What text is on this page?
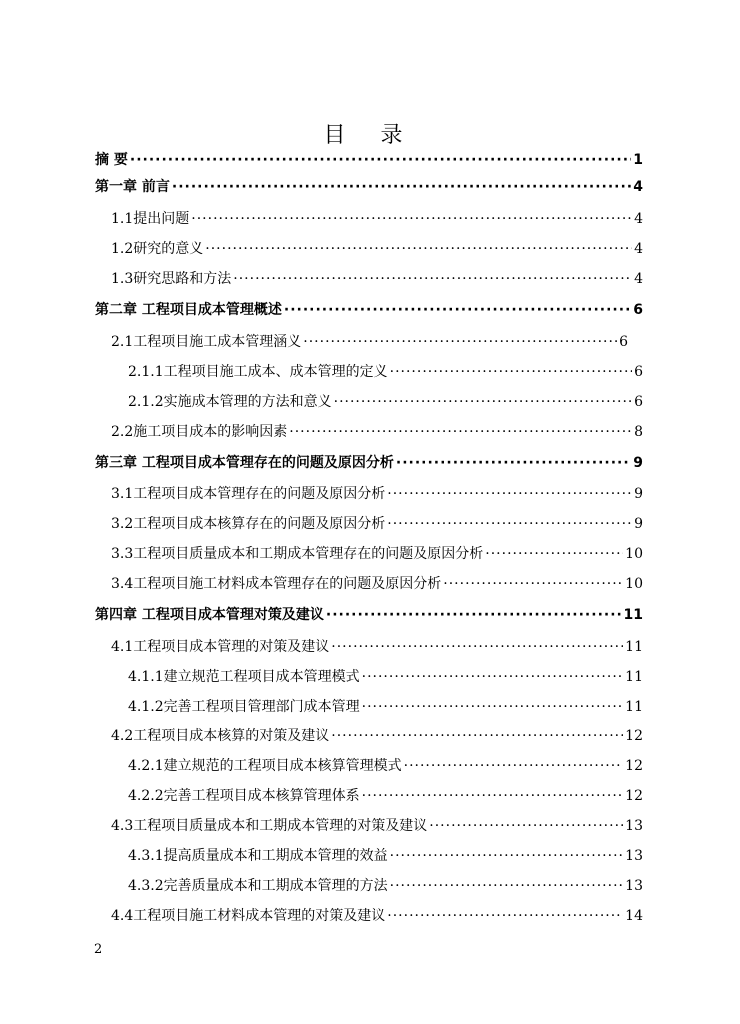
目 录
摘 要 ·····	1
第一章 前言 ·····	4
1.1提出问题 ·····	4
1.2研究的意义 ·····	4
1.3研究思路和方法 ·····	4
第二章 工程项目成本管理概述 ·····	6
2.1工程项目施工成本管理涵义 ·····	6
2.1.1工程项目施工成本、成本管理的定义 ·····	6
2.1.2实施成本管理的方法和意义 ·····	6
2.2施工项目成本的影响因素 ·····	8
第三章 工程项目成本管理存在的问题及原因分析 ·····	9
3.1工程项目成本管理存在的问题及原因分析 ·····	9
3.2工程项目成本核算存在的问题及原因分析 ·····	9
3.3工程项目质量成本和工期成本管理存在的问题及原因分析 ·····	10
3.4工程项目施工材料成本管理存在的问题及原因分析 ·····	10
第四章 工程项目成本管理对策及建议 ·····	11
4.1工程项目成本管理的对策及建议 ·····	11
4.1.1建立规范工程项目成本管理模式 ·····	11
4.1.2完善工程项目管理部门成本管理 ·····	11
4.2工程项目成本核算的对策及建议 ·····	12
4.2.1建立规范的工程项目成本核算管理模式 ·····	12
4.2.2完善工程项目成本核算管理体系 ·····	12
4.3工程项目质量成本和工期成本管理的对策及建议 ·····	13
4.3.1提高质量成本和工期成本管理的效益 ·····	13
4.3.2完善质量成本和工期成本管理的方法 ·····	13
4.4工程项目施工材料成本管理的对策及建议 ·····	14
2
